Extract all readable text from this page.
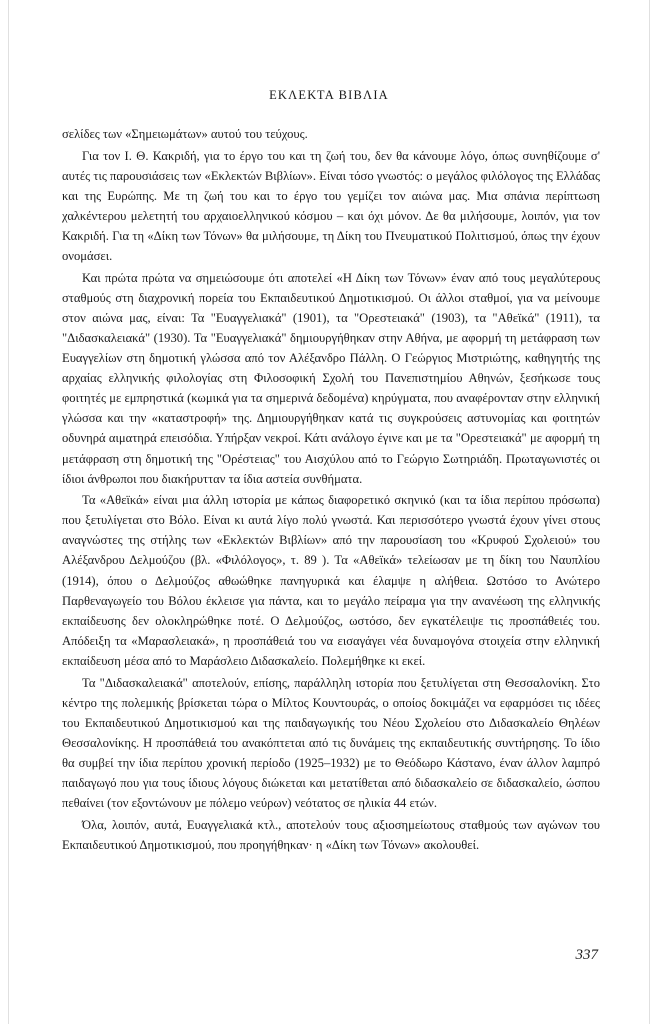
ΕΚΛΕΚΤΑ ΒΙΒΛΙΑ

σελίδες των «Σημειωμάτων» αυτού του τεύχους.

Για τον Ι. Θ. Κακριδή, για το έργο του και τη ζωή του, δεν θα κάνουμε λόγο, όπως συνηθίζουμε σ' αυτές τις παρουσιάσεις των «Εκλεκτών Βιβλίων». Είναι τόσο γνωστός: ο μεγάλος φιλόλογος της Ελλάδας και της Ευρώπης. Με τη ζωή του και το έργο του γεμίζει τον αιώνα μας. Μια σπάνια περίπτωση χαλκέντερου μελετητή του αρχαιοελληνικού κόσμου – και όχι μόνον. Δε θα μιλήσουμε, λοιπόν, για τον Κακριδή. Για τη «Δίκη των Τόνων» θα μιλήσουμε, τη Δίκη του Πνευματικού Πολιτισμού, όπως την έχουν ονομάσει.

Και πρώτα πρώτα να σημειώσουμε ότι αποτελεί «Η Δίκη των Τόνων» έναν από τους μεγαλύτερους σταθμούς στη διαχρονική πορεία του Εκπαιδευτικού Δημοτικισμού. Οι άλλοι σταθμοί, για να μείνουμε στον αιώνα μας, είναι: Τα "Ευαγγελιακά" (1901), τα "Ορεστειακά" (1903), τα "Αθεϊκά" (1911), τα "Διδασκαλειακά" (1930). Τα "Ευαγγελιακά" δημιουργήθηκαν στην Αθήνα, με αφορμή τη μετάφραση των Ευαγγελίων στη δημοτική γλώσσα από τον Αλέξανδρο Πάλλη. Ο Γεώργιος Μιστριώτης, καθηγητής της αρχαίας ελληνικής φιλολογίας στη Φιλοσοφική Σχολή του Πανεπιστημίου Αθηνών, ξεσήκωσε τους φοιτητές με εμπρηστικά (κωμικά για τα σημερινά δεδομένα) κηρύγματα, που αναφέρονταν στην ελληνική γλώσσα και την «καταστροφή» της. Δημιουργήθηκαν κατά τις συγκρούσεις αστυνομίας και φοιτητών οδυνηρά αιματηρά επεισόδια. Υπήρξαν νεκροί. Κάτι ανάλογο έγινε και με τα "Ορεστειακά" με αφορμή τη μετάφραση στη δημοτική της "Ορέστειας" του Αισχύλου από το Γεώργιο Σωτηριάδη. Πρωταγωνιστές οι ίδιοι άνθρωποι που διακήρυτταν τα ίδια αστεία συνθήματα.

Τα «Αθεϊκά» είναι μια άλλη ιστορία με κάπως διαφορετικό σκηνικό (και τα ίδια περίπου πρόσωπα) που ξετυλίγεται στο Βόλο. Είναι κι αυτά λίγο πολύ γνωστά. Και περισσότερο γνωστά έχουν γίνει στους αναγνώστες της στήλης των «Εκλεκτών Βιβλίων» από την παρουσίαση του «Κρυφού Σχολειού» του Αλέξανδρου Δελμούζου (βλ. «Φιλόλογος», τ. 89 ). Τα «Αθεϊκά» τελείωσαν με τη δίκη του Ναυπλίου (1914), όπου ο Δελμούζος αθωώθηκε πανηγυρικά και έλαμψε η αλήθεια. Ωστόσο το Ανώτερο Παρθεναγωγείο του Βόλου έκλεισε για πάντα, και το μεγάλο πείραμα για την ανανέωση της ελληνικής εκπαίδευσης δεν ολοκληρώθηκε ποτέ. Ο Δελμούζος, ωστόσο, δεν εγκατέλειψε τις προσπάθειές του. Απόδειξη τα «Μαρασλειακά», η προσπάθειά του να εισαγάγει νέα δυναμογόνα στοιχεία στην ελληνική εκπαίδευση μέσα από το Μαράσλειο Διδασκαλείο. Πολεμήθηκε κι εκεί.

Τα "Διδασκαλειακά" αποτελούν, επίσης, παράλληλη ιστορία που ξετυλίγεται στη Θεσσαλονίκη. Στο κέντρο της πολεμικής βρίσκεται τώρα ο Μίλτος Κουντουράς, ο οποίος δοκιμάζει να εφαρμόσει τις ιδέες του Εκπαιδευτικού Δημοτικισμού και της παιδαγωγικής του Νέου Σχολείου στο Διδασκαλείο Θηλέων Θεσσαλονίκης. Η προσπάθειά του ανακόπτεται από τις δυνάμεις της εκπαιδευτικής συντήρησης. Το ίδιο θα συμβεί την ίδια περίπου χρονική περίοδο (1925–1932) με το Θεόδωρο Κάστανο, έναν άλλον λαμπρό παιδαγωγό που για τους ίδιους λόγους διώκεται και μετατίθεται από διδασκαλείο σε διδασκαλείο, ώσπου πεθαίνει (τον εξοντώνουν με πόλεμο νεύρων) νεότατος σε ηλικία 44 ετών.

Όλα, λοιπόν, αυτά, Ευαγγελιακά κτλ., αποτελούν τους αξιοσημείωτους σταθμούς των αγώνων του Εκπαιδευτικού Δημοτικισμού, που προηγήθηκαν· η «Δίκη των Τόνων» ακολουθεί.

337
